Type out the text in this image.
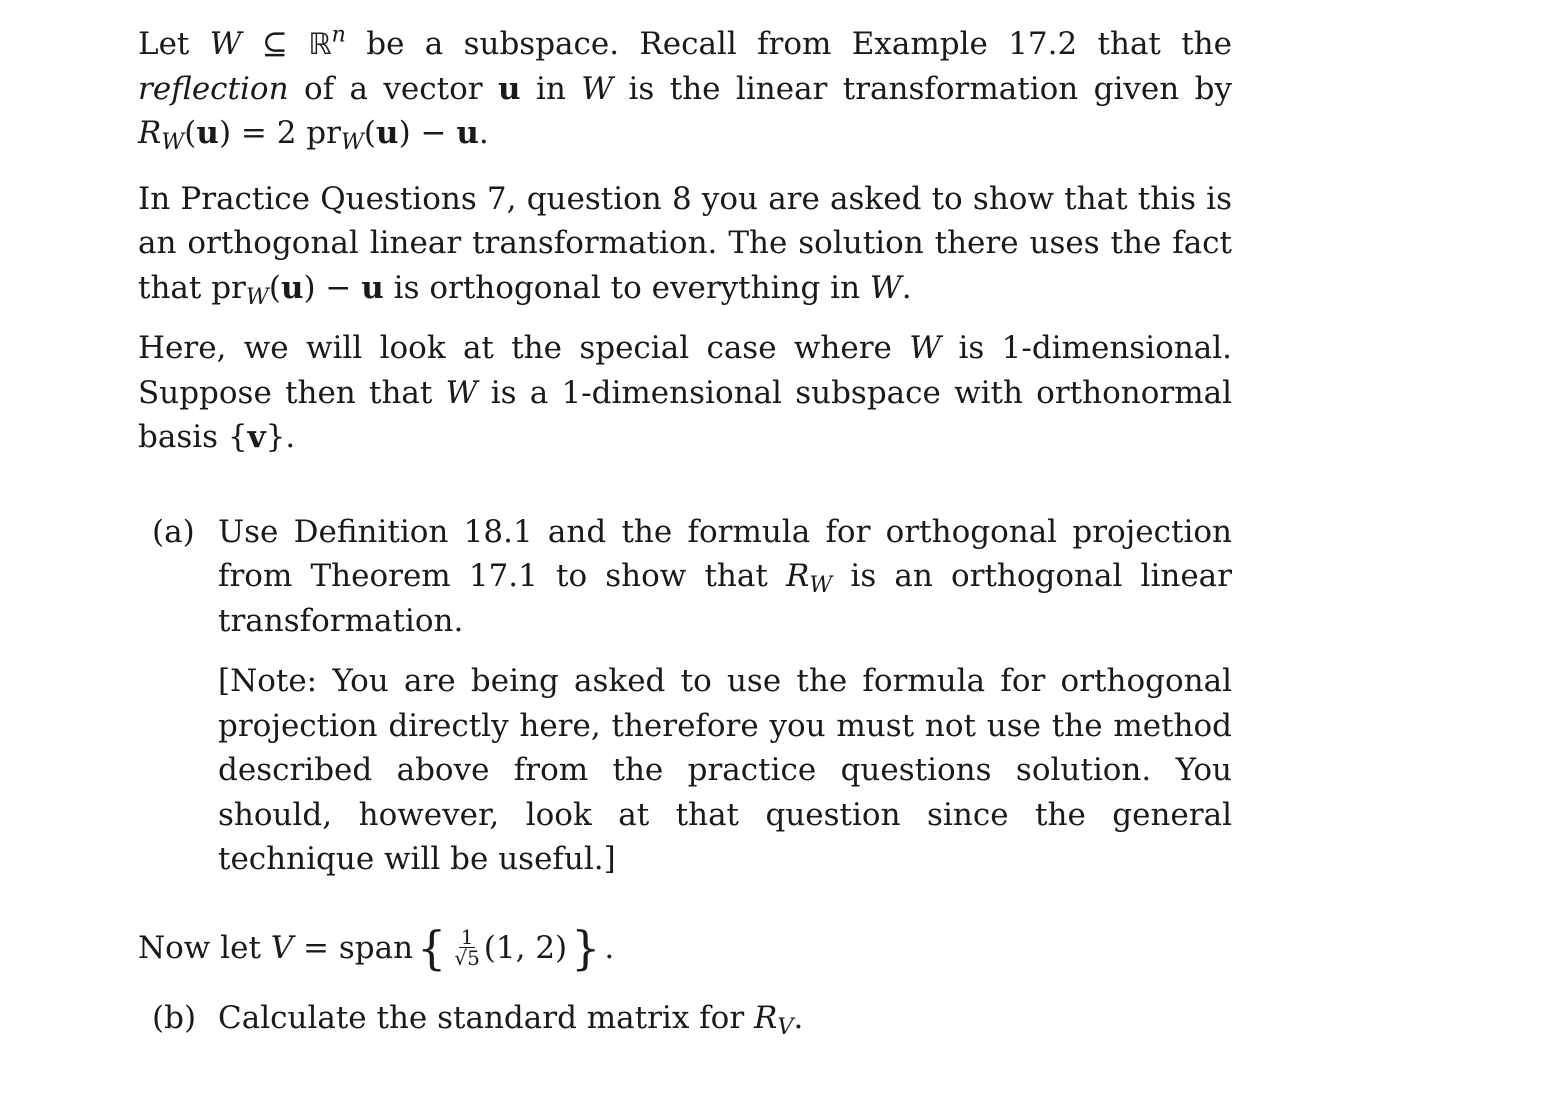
Let W ⊆ ℝ$^n$ be a subspace. Recall from Example 17.2 that the reflection of a vector u in W is the linear transformation given by $R_W(u) = 2$ $pr_W(u) - u$.

In Practice Questions 7, question 8 you are asked to show that this is an orthogonal linear transformation. The solution there uses the fact that $pr_W(u) - u$ is orthogonal to everything in W.

Here, we will look at the special case where W is 1-dimensional. Suppose then that W is a 1-dimensional subspace with orthonormal basis {v}.

(a) Use Definition 18.1 and the formula for orthogonal projection from Theorem 17.1 to show that $R_W$ is an orthogonal linear transformation.
[Note: You are being asked to use the formula for orthogonal projection directly here, therefore you must not use the method described above from the practice questions solution. You should, however, look at that question since the general technique will be useful.]
Now let
V
= span { $\frac{1}{√5} (1$, 2) } .
(b) Calculate the standard matrix for $R_V$.
